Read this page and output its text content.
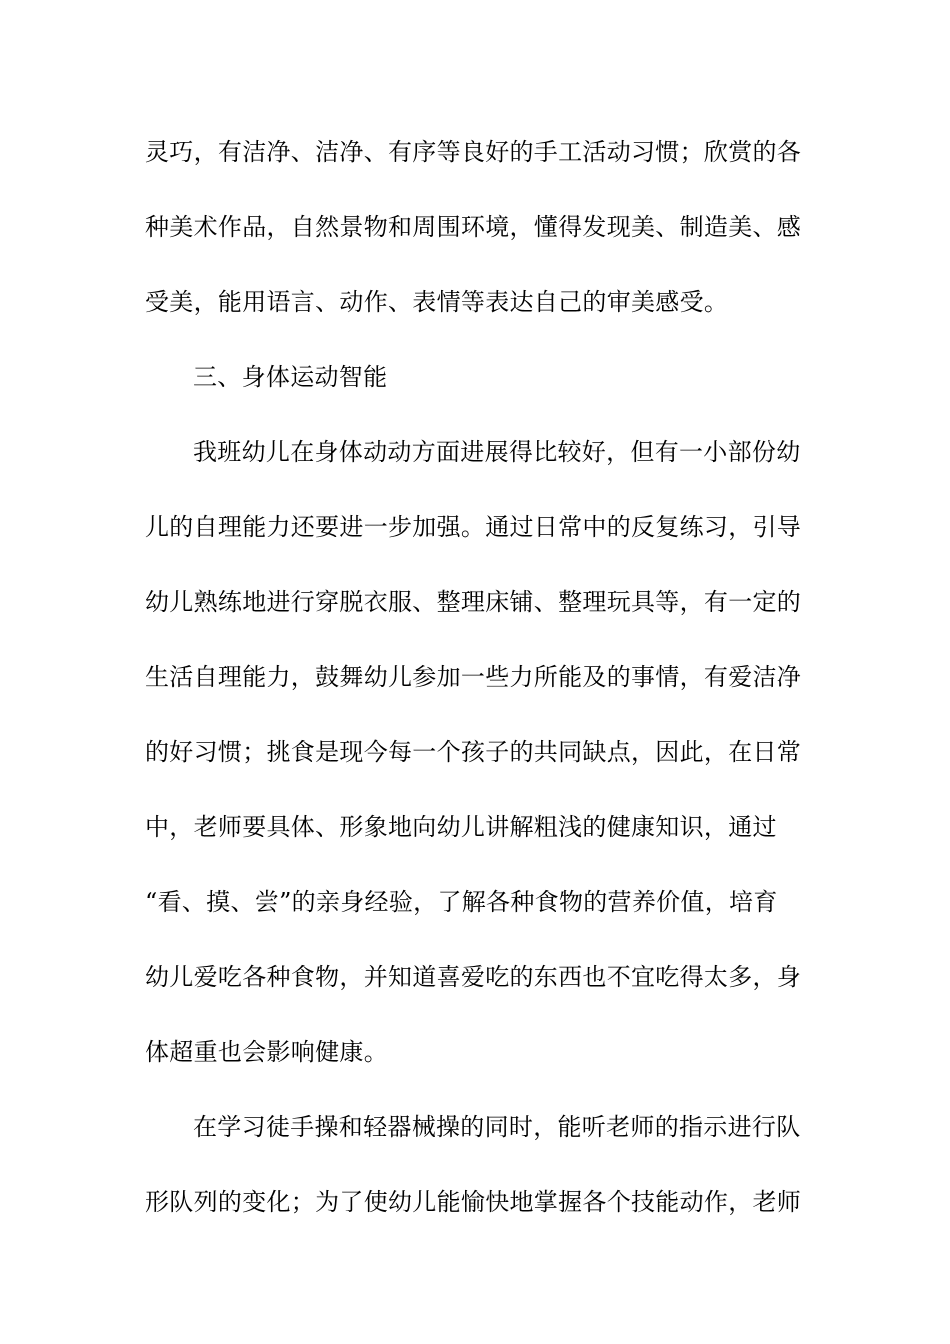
灵巧，有洁净、洁净、有序等良好的手工活动习惯；欣赏的各
种美术作品，自然景物和周围环境，懂得发现美、制造美、感
受美，能用语言、动作、表情等表达自己的审美感受。
三、身体运动智能
我班幼儿在身体动动方面进展得比较好，但有一小部份幼
儿的自理能力还要进一步加强。通过日常中的反复练习，引导
幼儿熟练地进行穿脱衣服、整理床铺、整理玩具等，有一定的
生活自理能力，鼓舞幼儿参加一些力所能及的事情，有爱洁净
的好习惯；挑食是现今每一个孩子的共同缺点，因此，在日常
中，老师要具体、形象地向幼儿讲解粗浅的健康知识，通过
“看、摸、尝”的亲身经验，了解各种食物的营养价值，培育
幼儿爱吃各种食物，并知道喜爱吃的东西也不宜吃得太多，身
体超重也会影响健康。
在学习徒手操和轻器械操的同时，能听老师的指示进行队
形队列的变化；为了使幼儿能愉快地掌握各个技能动作，老师
